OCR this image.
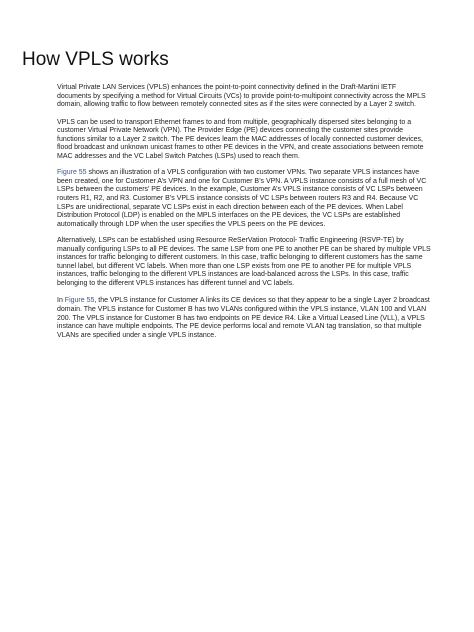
How VPLS works

Virtual Private LAN Services (VPLS) enhances the point-to-point connectivity defined in the Draft-Martini IETF documents by specifying a method for Virtual Circuits (VCs) to provide point-to-multipoint connectivity across the MPLS domain, allowing traffic to flow between remotely connected sites as if the sites were connected by a Layer 2 switch.

VPLS can be used to transport Ethernet frames to and from multiple, geographically dispersed sites belonging to a customer Virtual Private Network (VPN). The Provider Edge (PE) devices connecting the customer sites provide functions similar to a Layer 2 switch. The PE devices learn the MAC addresses of locally connected customer devices, flood broadcast and unknown unicast frames to other PE devices in the VPN, and create associations between remote MAC addresses and the VC Label Switch Patches (LSPs) used to reach them.

Figure 55 shows an illustration of a VPLS configuration with two customer VPNs. Two separate VPLS instances have been created, one for Customer A’s VPN and one for Customer B’s VPN. A VPLS instance consists of a full mesh of VC LSPs between the customers’ PE devices. In the example, Customer A’s VPLS instance consists of VC LSPs between routers R1, R2, and R3. Customer B’s VPLS instance consists of VC LSPs between routers R3 and R4. Because VC LSPs are unidirectional, separate VC LSPs exist in each direction between each of the PE devices. When Label Distribution Protocol (LDP) is enabled on the MPLS interfaces on the PE devices, the VC LSPs are established automatically through LDP when the user specifies the VPLS peers on the PE devices.

Alternatively, LSPs can be established using Resource ReSerVation Protocol- Traffic Engineering (RSVP-TE) by manually configuring LSPs to all PE devices. The same LSP from one PE to another PE can be shared by multiple VPLS instances for traffic belonging to different customers. In this case, traffic belonging to different customers has the same tunnel label, but different VC labels. When more than one LSP exists from one PE to another PE for multiple VPLS instances, traffic belonging to the different VPLS instances are load-balanced across the LSPs. In this case, traffic belonging to the different VPLS instances has different tunnel and VC labels.

In Figure 55, the VPLS instance for Customer A links its CE devices so that they appear to be a single Layer 2 broadcast domain. The VPLS instance for Customer B has two VLANs configured within the VPLS instance, VLAN 100 and VLAN 200. The VPLS instance for Customer B has two endpoints on PE device R4. Like a Virtual Leased Line (VLL), a VPLS instance can have multiple endpoints. The PE device performs local and remote VLAN tag translation, so that multiple VLANs are specified under a single VPLS instance.
